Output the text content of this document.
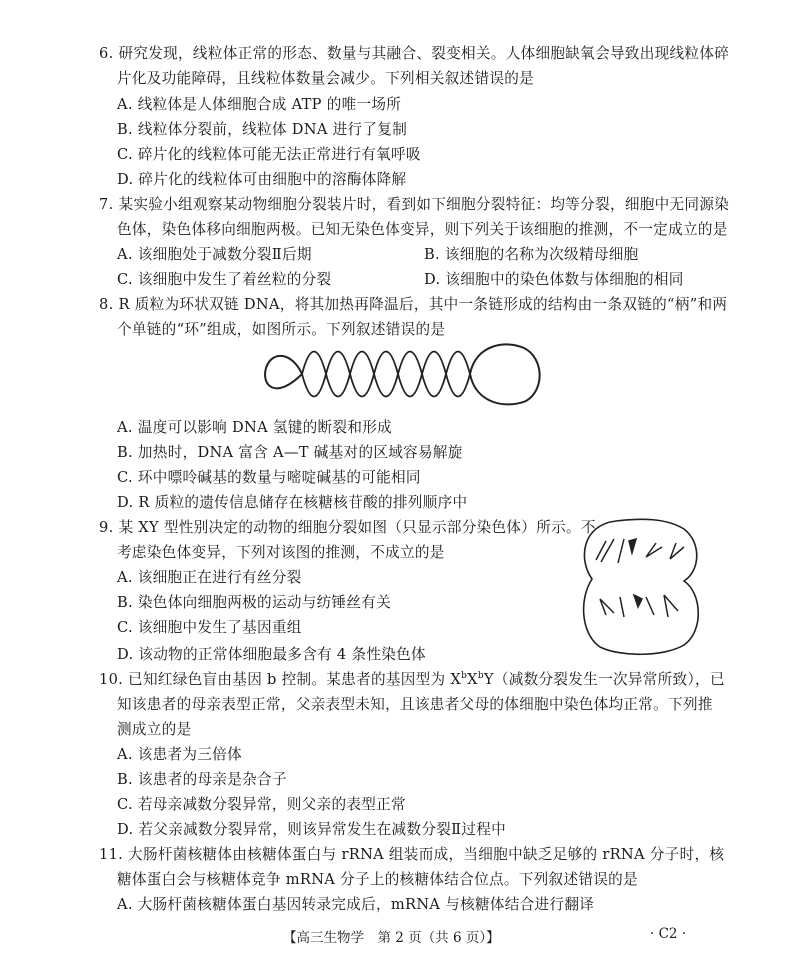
6. 研究发现，线粒体正常的形态、数量与其融合、裂变相关。人体细胞缺氧会导致出现线粒体碎
片化及功能障碍，且线粒体数量会减少。下列相关叙述错误的是
A. 线粒体是人体细胞合成 ATP 的唯一场所
B. 线粒体分裂前，线粒体 DNA 进行了复制
C. 碎片化的线粒体可能无法正常进行有氧呼吸
D. 碎片化的线粒体可由细胞中的溶酶体降解
7. 某实验小组观察某动物细胞分裂装片时，看到如下细胞分裂特征：均等分裂，细胞中无同源染
色体，染色体移向细胞两极。已知无染色体变异，则下列关于该细胞的推测，不一定成立的是
A. 该细胞处于减数分裂Ⅱ后期	B. 该细胞的名称为次级精母细胞
C. 该细胞中发生了着丝粒的分裂	D. 该细胞中的染色体数与体细胞的相同
8. R 质粒为环状双链 DNA，将其加热再降温后，其中一条链形成的结构由一条双链的“柄”和两
个单链的“环”组成，如图所示。下列叙述错误的是
A. 温度可以影响 DNA 氢键的断裂和形成
B. 加热时，DNA 富含 A—T 碱基对的区域容易解旋
C. 环中嘌呤碱基的数量与嘧啶碱基的可能相同
D. R 质粒的遗传信息储存在核糖核苷酸的排列顺序中
9. 某 XY 型性别决定的动物的细胞分裂如图（只显示部分染色体）所示。不
考虑染色体变异，下列对该图的推测，不成立的是
A. 该细胞正在进行有丝分裂
B. 染色体向细胞两极的运动与纺锤丝有关
C. 该细胞中发生了基因重组
D. 该动物的正常体细胞最多含有 4 条性染色体
10. 已知红绿色盲由基因 b 控制。某患者的基因型为 $X^bX^bY$（减数分裂发生一次异常所致），已
知该患者的母亲表型正常，父亲表型未知，且该患者父母的体细胞中染色体均正常。下列推
测成立的是
A. 该患者为三倍体
B. 该患者的母亲是杂合子
C. 若母亲减数分裂异常，则父亲的表型正常
D. 若父亲减数分裂异常，则该异常发生在减数分裂Ⅱ过程中
11. 大肠杆菌核糖体由核糖体蛋白与 rRNA 组装而成，当细胞中缺乏足够的 rRNA 分子时，核
糖体蛋白会与核糖体竞争 mRNA 分子上的核糖体结合位点。下列叙述错误的是
A. 大肠杆菌核糖体蛋白基因转录完成后，mRNA 与核糖体结合进行翻译
【高三生物学　第 2 页（共 6 页）】	· C2 ·
